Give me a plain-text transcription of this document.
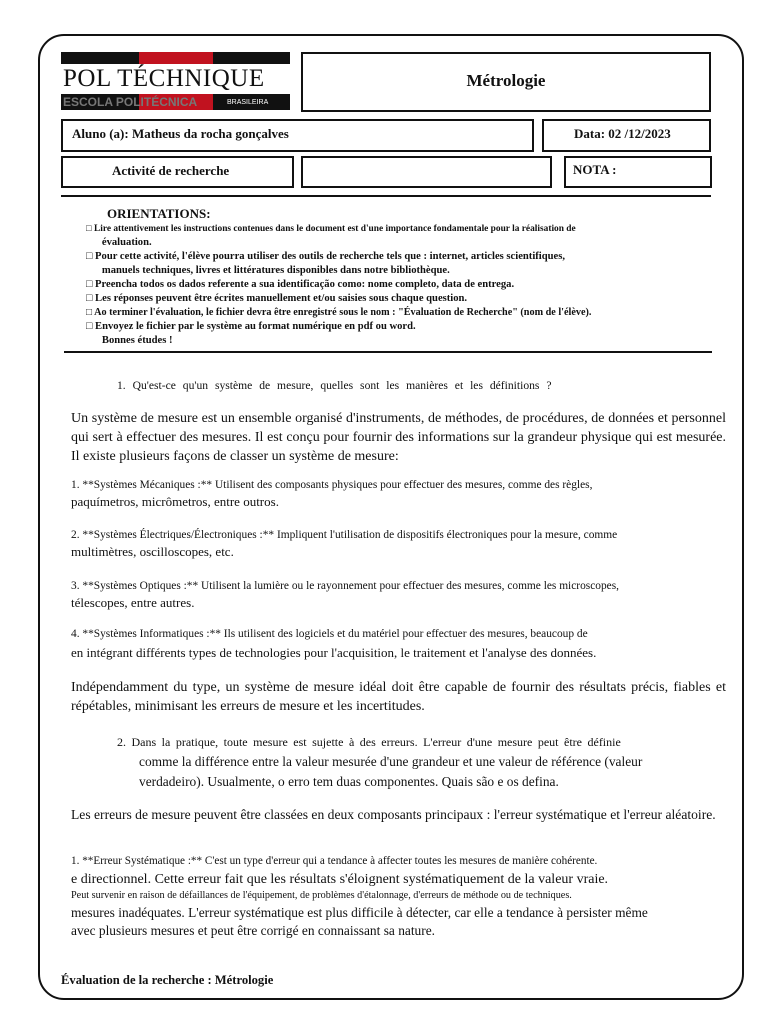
POL TÉCHNIQUE
ESCOLA POLITÉCNICA	BRASILEIRA
Métrologie
Aluno (a): Matheus da rocha gonçalves	Data: 02 /12/2023
Activité de recherche	NOTA :
ORIENTATIONS:
□ Lire attentivement les instructions contenues dans le document est d'une importance fondamentale pour la réalisation de
évaluation.
□ Pour cette activité, l'élève pourra utiliser des outils de recherche tels que : internet, articles scientifiques,
manuels techniques, livres et littératures disponibles dans notre bibliothèque.
□ Preencha todos os dados referente a sua identificação como: nome completo, data de entrega.
□ Les réponses peuvent être écrites manuellement et/ou saisies sous chaque question.
□ Ao terminer l'évaluation, le fichier devra être enregistré sous le nom : "Évaluation de Recherche" (nom de l'élève).
□ Envoyez le fichier par le système au format numérique en pdf ou word.
Bonnes études !
1. Qu'est-ce qu'un système de mesure, quelles sont les manières et les définitions ?
Un système de mesure est un ensemble organisé d'instruments, de méthodes, de procédures, de données et personnel qui sert à effectuer des mesures. Il est conçu pour fournir des informations sur la grandeur physique qui est mesurée. Il existe plusieurs façons de classer un système de mesure:
1. **Systèmes Mécaniques :** Utilisent des composants physiques pour effectuer des mesures, comme des règles,
paquímetros, micrômetros, entre outros.
2. **Systèmes Électriques/Électroniques :** Impliquent l'utilisation de dispositifs électroniques pour la mesure, comme
multimètres, oscilloscopes, etc.
3. **Systèmes Optiques :** Utilisent la lumière ou le rayonnement pour effectuer des mesures, comme les microscopes,
télescopes, entre autres.
4. **Systèmes Informatiques :** Ils utilisent des logiciels et du matériel pour effectuer des mesures, beaucoup de
en intégrant différents types de technologies pour l'acquisition, le traitement et l'analyse des données.
Indépendamment du type, un système de mesure idéal doit être capable de fournir des résultats précis, fiables et répétables, minimisant les erreurs de mesure et les incertitudes.
2. Dans la pratique, toute mesure est sujette à des erreurs. L'erreur d'une mesure peut être définie
comme la différence entre la valeur mesurée d'une grandeur et une valeur de référence (valeur
verdadeiro). Usualmente, o erro tem duas componentes. Quais são e os defina.
Les erreurs de mesure peuvent être classées en deux composants principaux : l'erreur systématique et l'erreur aléatoire.
1. **Erreur Systématique :** C'est un type d'erreur qui a tendance à affecter toutes les mesures de manière cohérente.
e directionnel. Cette erreur fait que les résultats s'éloignent systématiquement de la valeur vraie.
Peut survenir en raison de défaillances de l'équipement, de problèmes d'étalonnage, d'erreurs de méthode ou de techniques.
mesures inadéquates. L'erreur systématique est plus difficile à détecter, car elle a tendance à persister même
avec plusieurs mesures et peut être corrigé en connaissant sa nature.
Évaluation de la recherche : Métrologie
